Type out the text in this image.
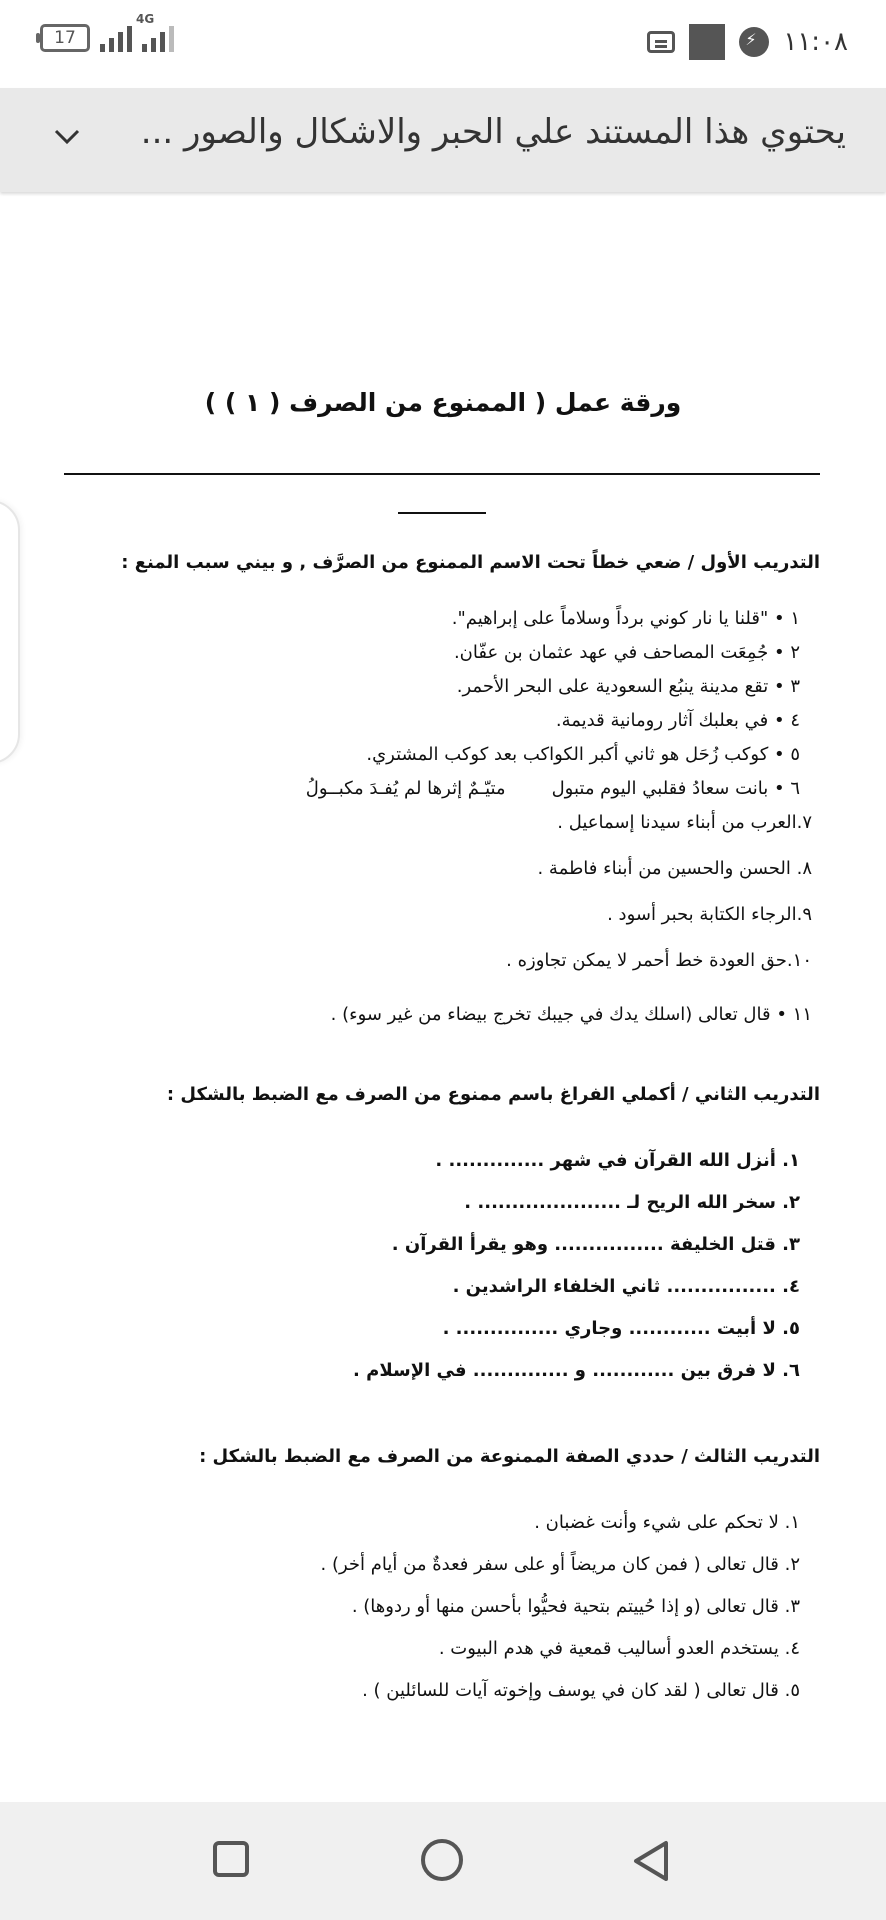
17
4G
⚡
١١:٠٨
يحتوي هذا المستند علي الحبر والاشكال والصور ...
ورقة عمل ( الممنوع من الصرف ( ١ ) )
التدريب الأول / ضعي خطاً تحت الاسم الممنوع من الصرَّف , و بيني سبب المنع :
١ • "قلنا يا نار كوني برداً وسلاماً على إبراهيم".
٢ • جُمِعَت المصاحف في عهد عثمان بن عفّان.
٣ • تقع مدينة ينبُع السعودية على البحر الأحمر.
٤ • في بعلبك آثار رومانية قديمة.
٥ • كوكب زُحَل هو ثاني أكبر الكواكب بعد كوكب المشتري.
٦ • بانت سعادُ فقلبي اليوم متبولمتيّـمٌ إثرها لم يُفـدَ مكبــولُ
٧.العرب من أبناء سيدنا إسماعيل .
٨. الحسن والحسين من أبناء فاطمة .
٩.الرجاء الكتابة بحبر أسود .
١٠.حق العودة خط أحمر لا يمكن تجاوزه .
١١ • قال تعالى (اسلك يدك في جيبك تخرج بيضاء من غير سوء) .
التدريب الثاني / أكملي الفراغ باسم ممنوع من الصرف مع الضبط بالشكل :
١. أنزل الله القرآن في شهر .............. .
٢. سخر الله الريح لـ ..................... .
٣. قتل الخليفة ................ وهو يقرأ القرآن .
٤. ................ ثاني الخلفاء الراشدين .
٥. لا أبيت ............ وجاري ............... .
٦. لا فرق بين ............ و .............. في الإسلام .
التدريب الثالث / حددي الصفة الممنوعة من الصرف مع الضبط بالشكل :
١. لا تحكم على شيء وأنت غضبان .
٢. قال تعالى ( فمن كان مريضاً أو على سفر فعدةٌ من أيام أخر) .
٣. قال تعالى (و إذا حُييتم بتحية فحيُّوا بأحسن منها أو ردوها) .
٤. يستخدم العدو أساليب قمعية في هدم البيوت .
٥. قال تعالى ( لقد كان في يوسف وإخوته آيات للسائلين ) .
